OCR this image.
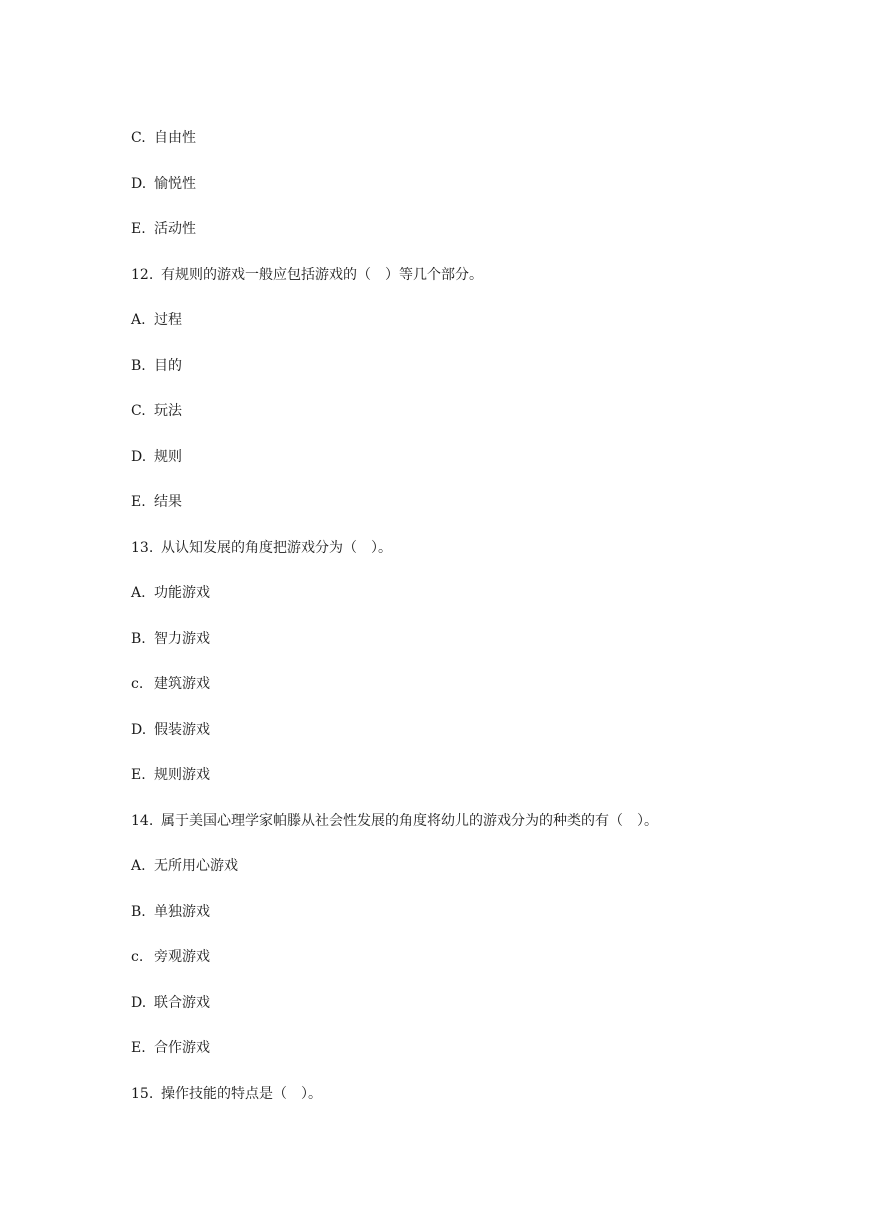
C. 自由性
D. 愉悦性
E. 活动性
12. 有规则的游戏一般应包括游戏的（　）等几个部分。
A. 过程
B. 目的
C. 玩法
D. 规则
E. 结果
13. 从认知发展的角度把游戏分为（　）。
A. 功能游戏
B. 智力游戏
c. 建筑游戏
D. 假装游戏
E. 规则游戏
14. 属于美国心理学家帕滕从社会性发展的角度将幼儿的游戏分为的种类的有（　）。
A. 无所用心游戏
B. 单独游戏
c. 旁观游戏
D. 联合游戏
E. 合作游戏
15. 操作技能的特点是（　）。
